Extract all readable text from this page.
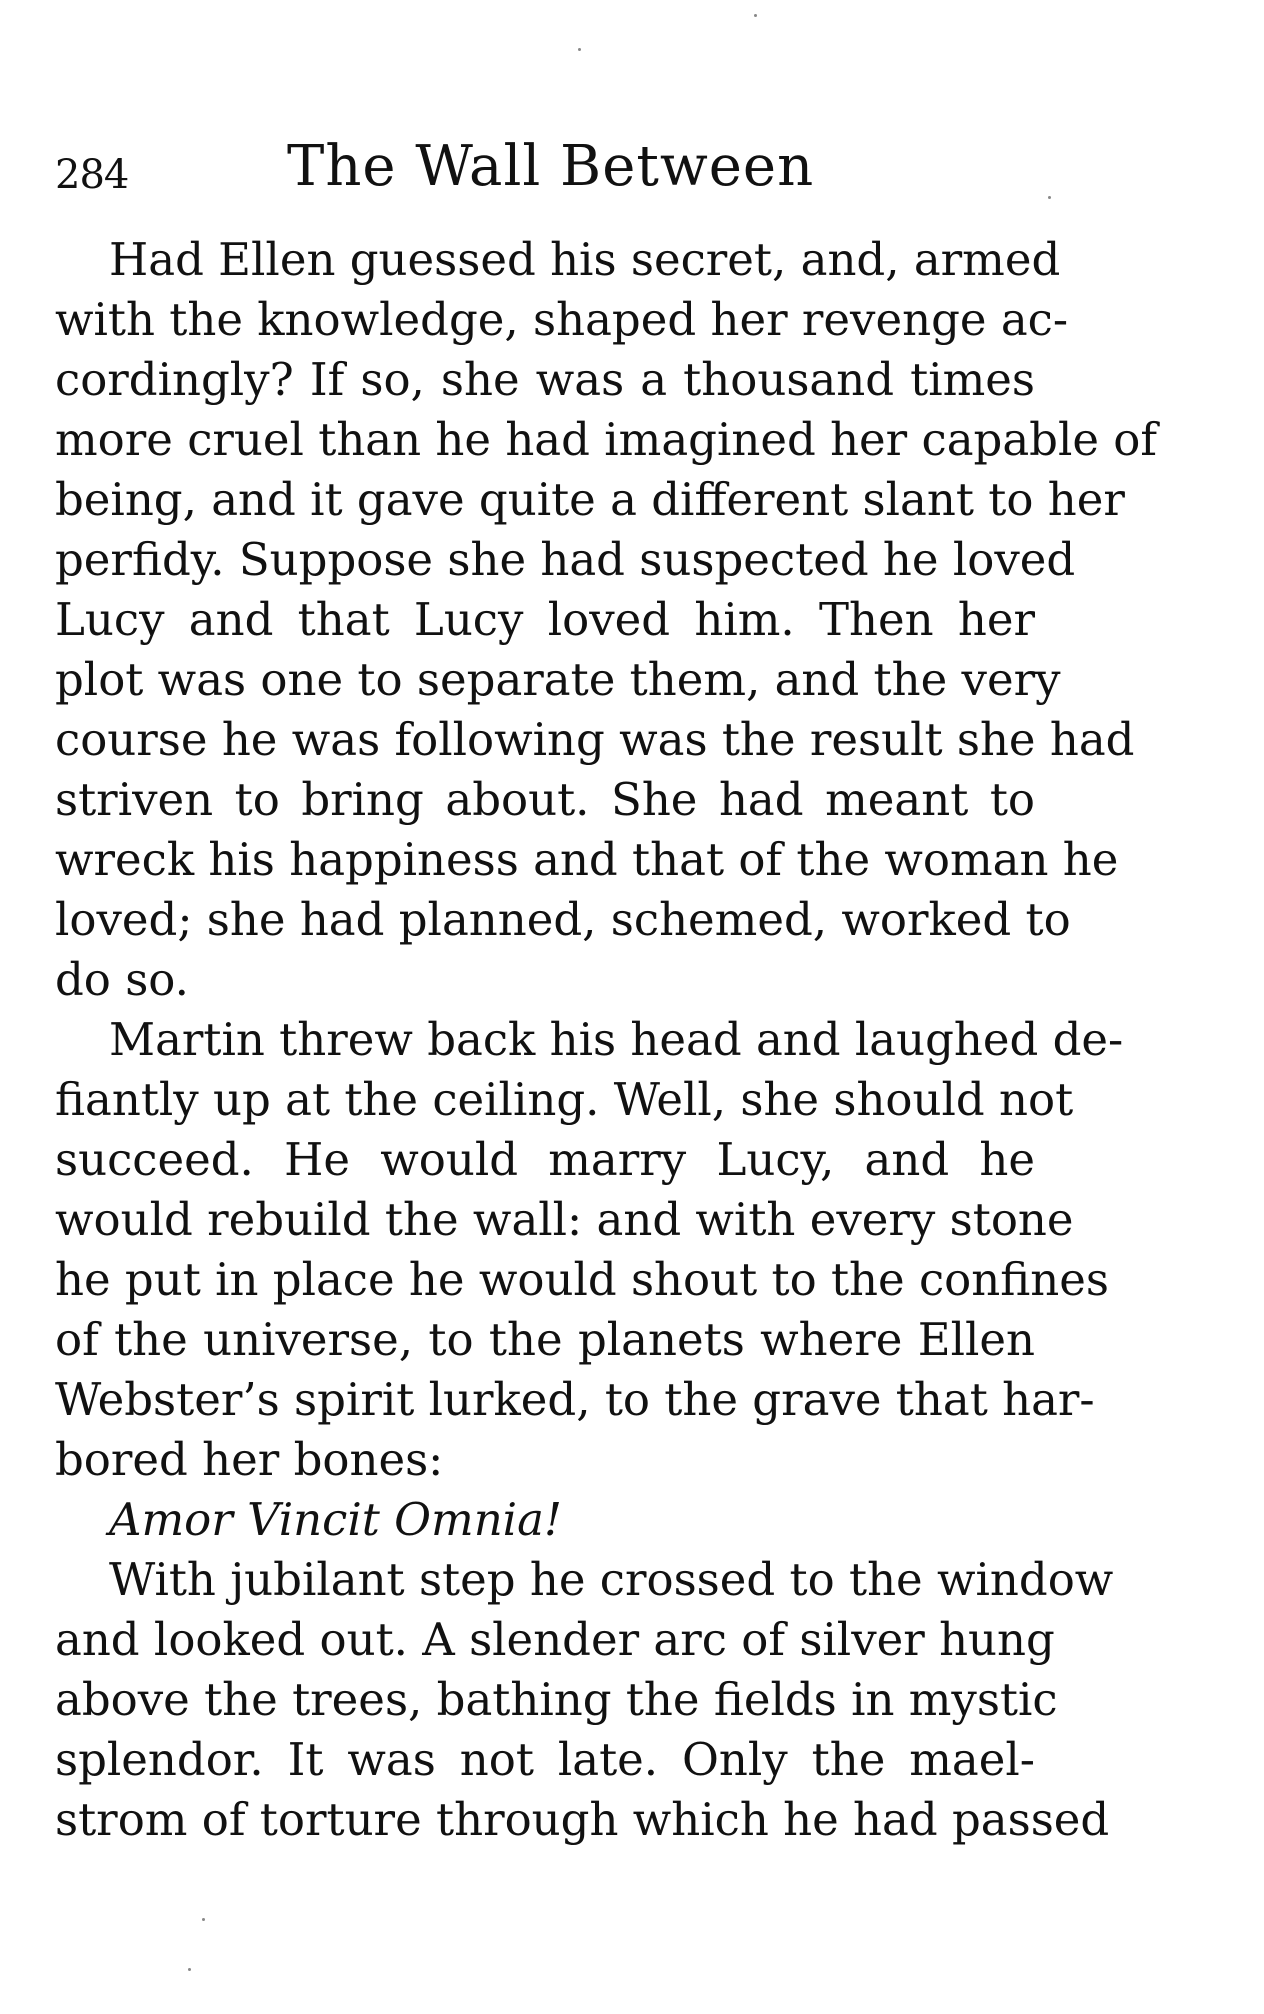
284	The Wall Between
Had Ellen guessed his secret, and, armed
with the knowledge, shaped her revenge ac-
cordingly? If so, she was a thousand times
more cruel than he had imagined her capable of
being, and it gave quite a different slant to her
perfidy. Suppose she had suspected he loved
Lucy and that Lucy loved him. Then her
plot was one to separate them, and the very
course he was following was the result she had
striven to bring about. She had meant to
wreck his happiness and that of the woman he
loved; she had planned, schemed, worked to
do so.
Martin threw back his head and laughed de-
fiantly up at the ceiling. Well, she should not
succeed. He would marry Lucy, and he
would rebuild the wall: and with every stone
he put in place he would shout to the confines
of the universe, to the planets where Ellen
Webster’s spirit lurked, to the grave that har-
bored her bones:
Amor Vincit Omnia!
With jubilant step he crossed to the window
and looked out. A slender arc of silver hung
above the trees, bathing the fields in mystic
splendor. It was not late. Only the mael-
strom of torture through which he had passed
